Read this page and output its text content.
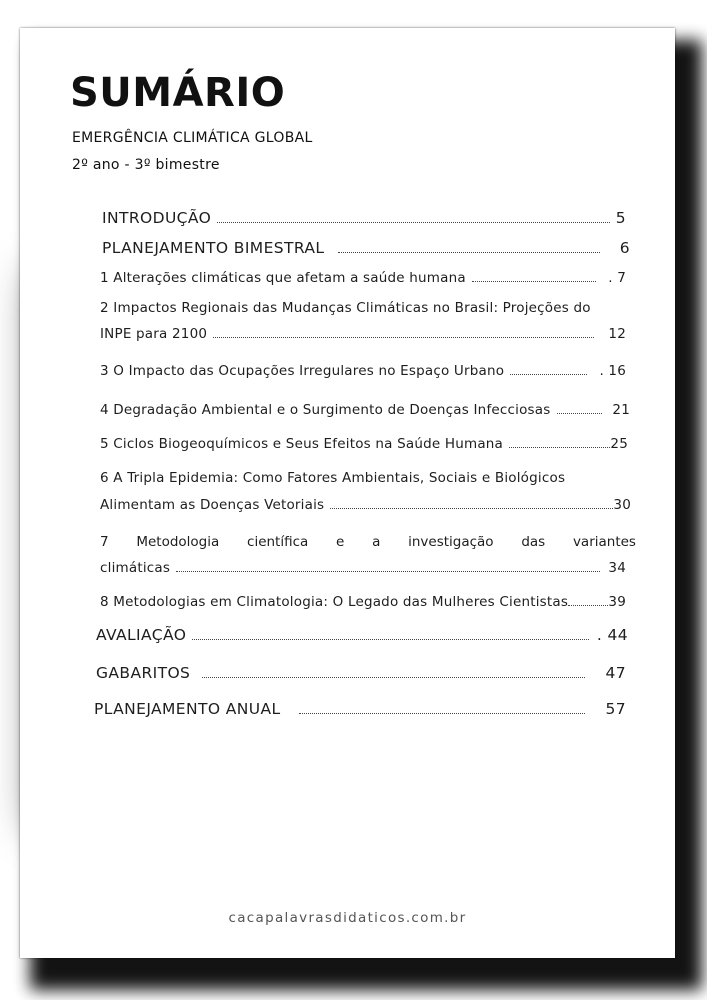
SUMÁRIO
EMERGÊNCIA CLIMÁTICA GLOBAL
2º ano - 3º bimestre
INTRODUÇÃO	5
PLANEJAMENTO BIMESTRAL	6
1 Alterações climáticas que afetam a saúde humana	. 7
2 Impactos Regionais das Mudanças Climáticas no Brasil: Projeções do
INPE para 2100	12
3 O Impacto das Ocupações Irregulares no Espaço Urbano	. 16
4 Degradação Ambiental e o Surgimento de Doenças Infecciosas	21
5 Ciclos Biogeoquímicos e Seus Efeitos na Saúde Humana	25
6 A Tripla Epidemia: Como Fatores Ambientais, Sociais e Biológicos
Alimentam as Doenças Vetoriais	30
7 Metodologia científica e a investigação das variantes
climáticas	34
8 Metodologias em Climatologia: O Legado das Mulheres Cientistas	39
AVALIAÇÃO	. 44
GABARITOS	47
PLANEJAMENTO ANUAL	57
cacapalavrasdidaticos.com.br
